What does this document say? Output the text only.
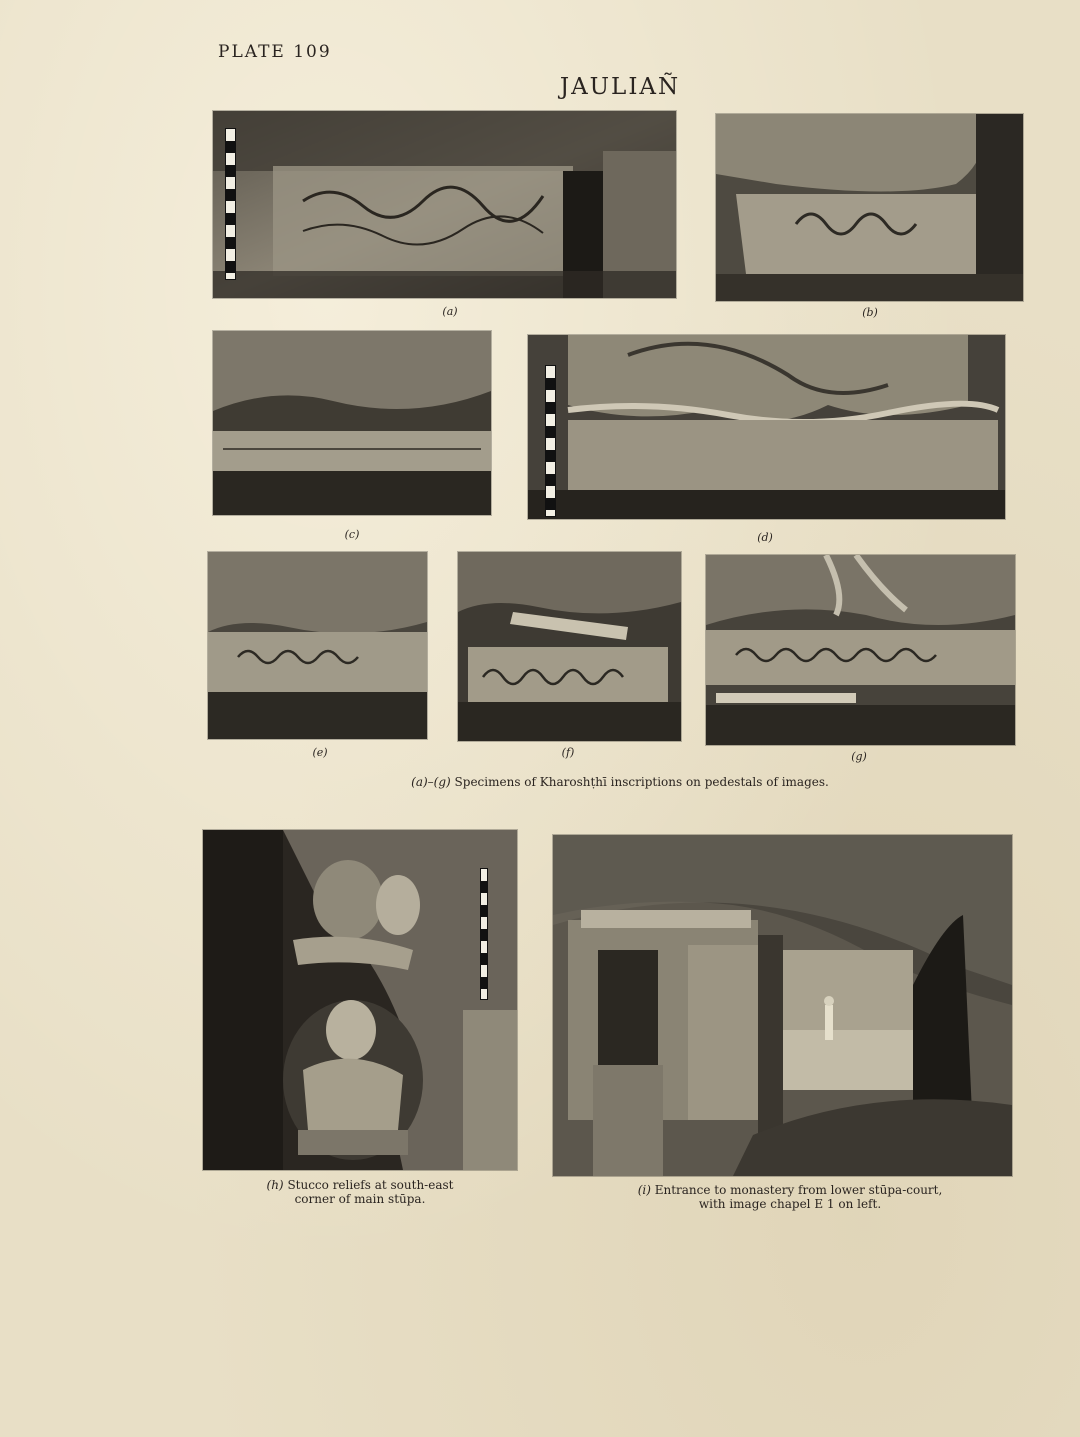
PLATE 109
JAULIAÑ
(a)	(b)
(c)	(d)
(e)	(f)	(g)
(a)–(g) Specimens of Kharoshṭhī inscriptions on pedestals of images.
(h) Stucco reliefs at south-east
corner of main stūpa.
(i) Entrance to monastery from lower stūpa-court,
with image chapel E 1 on left.
